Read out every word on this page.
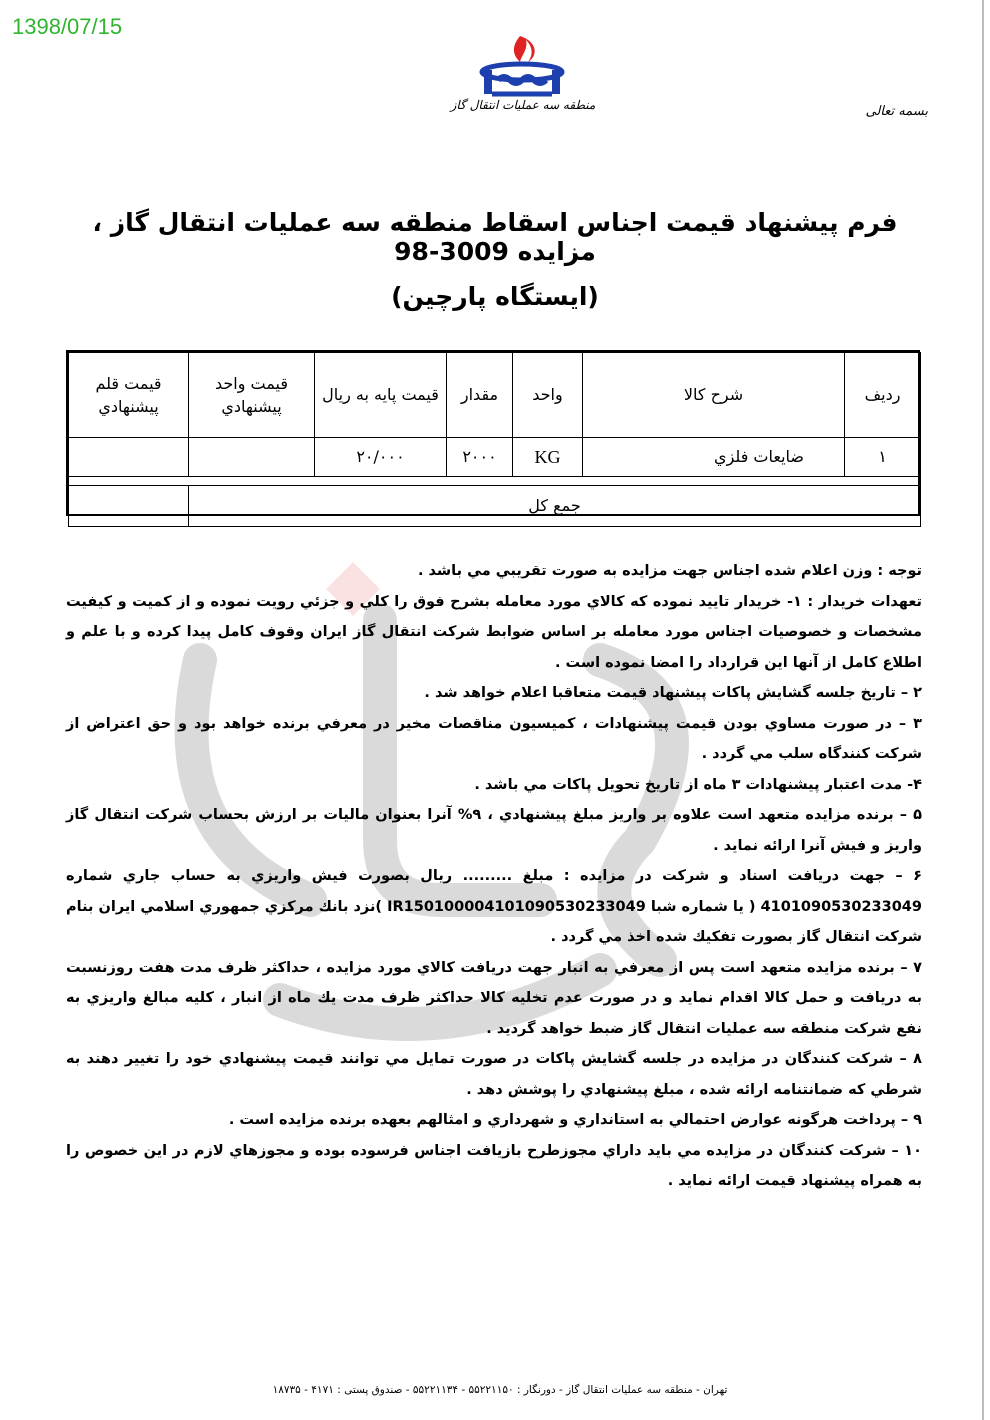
1398/07/15
منطقه سه عملیات انتقال گاز	بسمه تعالی
فرم پیشنهاد قیمت اجناس اسقاط منطقه سه عملیات انتقال گاز ، مزایده 3009-98
(ایستگاه پارچین)
رديف	شرح كالا	واحد	مقدار	قيمت پايه به ريال	قيمت واحد پيشنهادي	قيمت قلم پيشنهادي
۱	ضايعات فلزي	KG	۲۰۰۰	۲۰/۰۰۰		

جمع كل						

توجه : وزن اعلام شده اجناس جهت مزايده به صورت تقريبي مي باشد .

تعهدات خريدار : ۱- خريدار تاييد نموده كه كالاي مورد معامله بشرح فوق را كلي و جزئي رويت نموده و از كميت و كيفيت مشخصات و خصوصيات اجناس مورد معامله بر اساس ضوابط شركت انتقال گاز ايران وقوف كامل پيدا كرده و با علم و اطلاع كامل از آنها اين قرارداد را امضا نموده است .

۲ – تاريخ جلسه گشايش پاكات پيشنهاد قيمت متعاقبا اعلام خواهد شد .

۳ – در صورت مساوي بودن قيمت پيشنهادات ، كميسيون مناقصات مخير در معرفي برنده خواهد بود و حق اعتراض از شركت كنندگاه سلب مي گردد .

۴- مدت اعتبار پيشنهادات ۳ ماه از تاريخ تحويل پاكات مي باشد .

۵ – برنده مزايده متعهد است علاوه بر واريز مبلغ پيشنهادي ، ۹% آنرا بعنوان ماليات بر ارزش بحساب شركت انتقال گاز واريز و فيش آنرا ارائه نمايد .

۶ – جهت دريافت اسناد و شركت در مزايده : مبلغ ......... ريال بصورت فيش واريزي به حساب جاري شماره 4101090530233049 ( يا شماره شبا IR150100004101090530233049 )نزد بانك مركزي جمهوري اسلامي ايران بنام شركت انتقال گاز بصورت تفكيك شده اخذ مي گردد .

۷ – برنده مزايده متعهد است پس از معرفي به انبار جهت دريافت كالاي مورد مزايده ، حداكثر ظرف مدت هفت روزنسبت به دريافت و حمل كالا اقدام نمايد و در صورت عدم تخليه كالا حداكثر ظرف مدت يك ماه از انبار ، كليه مبالغ واريزي به نفع شركت منطقه سه عمليات انتقال گاز ضبط خواهد گرديد .

۸ – شركت كنندگان در مزايده در جلسه گشايش پاكات در صورت تمايل مي توانند قيمت پيشنهادي خود را تغيير دهند به شرطي كه ضمانتنامه ارائه شده ، مبلغ پيشنهادي را پوشش دهد .

۹ – پرداخت هرگونه عوارض احتمالي به استانداري و شهرداري و امثالهم بعهده برنده مزايده است .

۱۰ – شركت كنندگان در مزايده مي بايد داراي مجوزطرح بازيافت اجناس فرسوده بوده و مجوزهاي لازم در اين خصوص را به همراه پيشنهاد قيمت ارائه نمايد .

تهران - منطقه سه عملیات انتقال گاز - دورنگار : ۵۵۲۲۱۱۵۰ - ۵۵۲۲۱۱۳۴ - صندوق پستی : ۴۱۷۱ - ۱۸۷۳۵
